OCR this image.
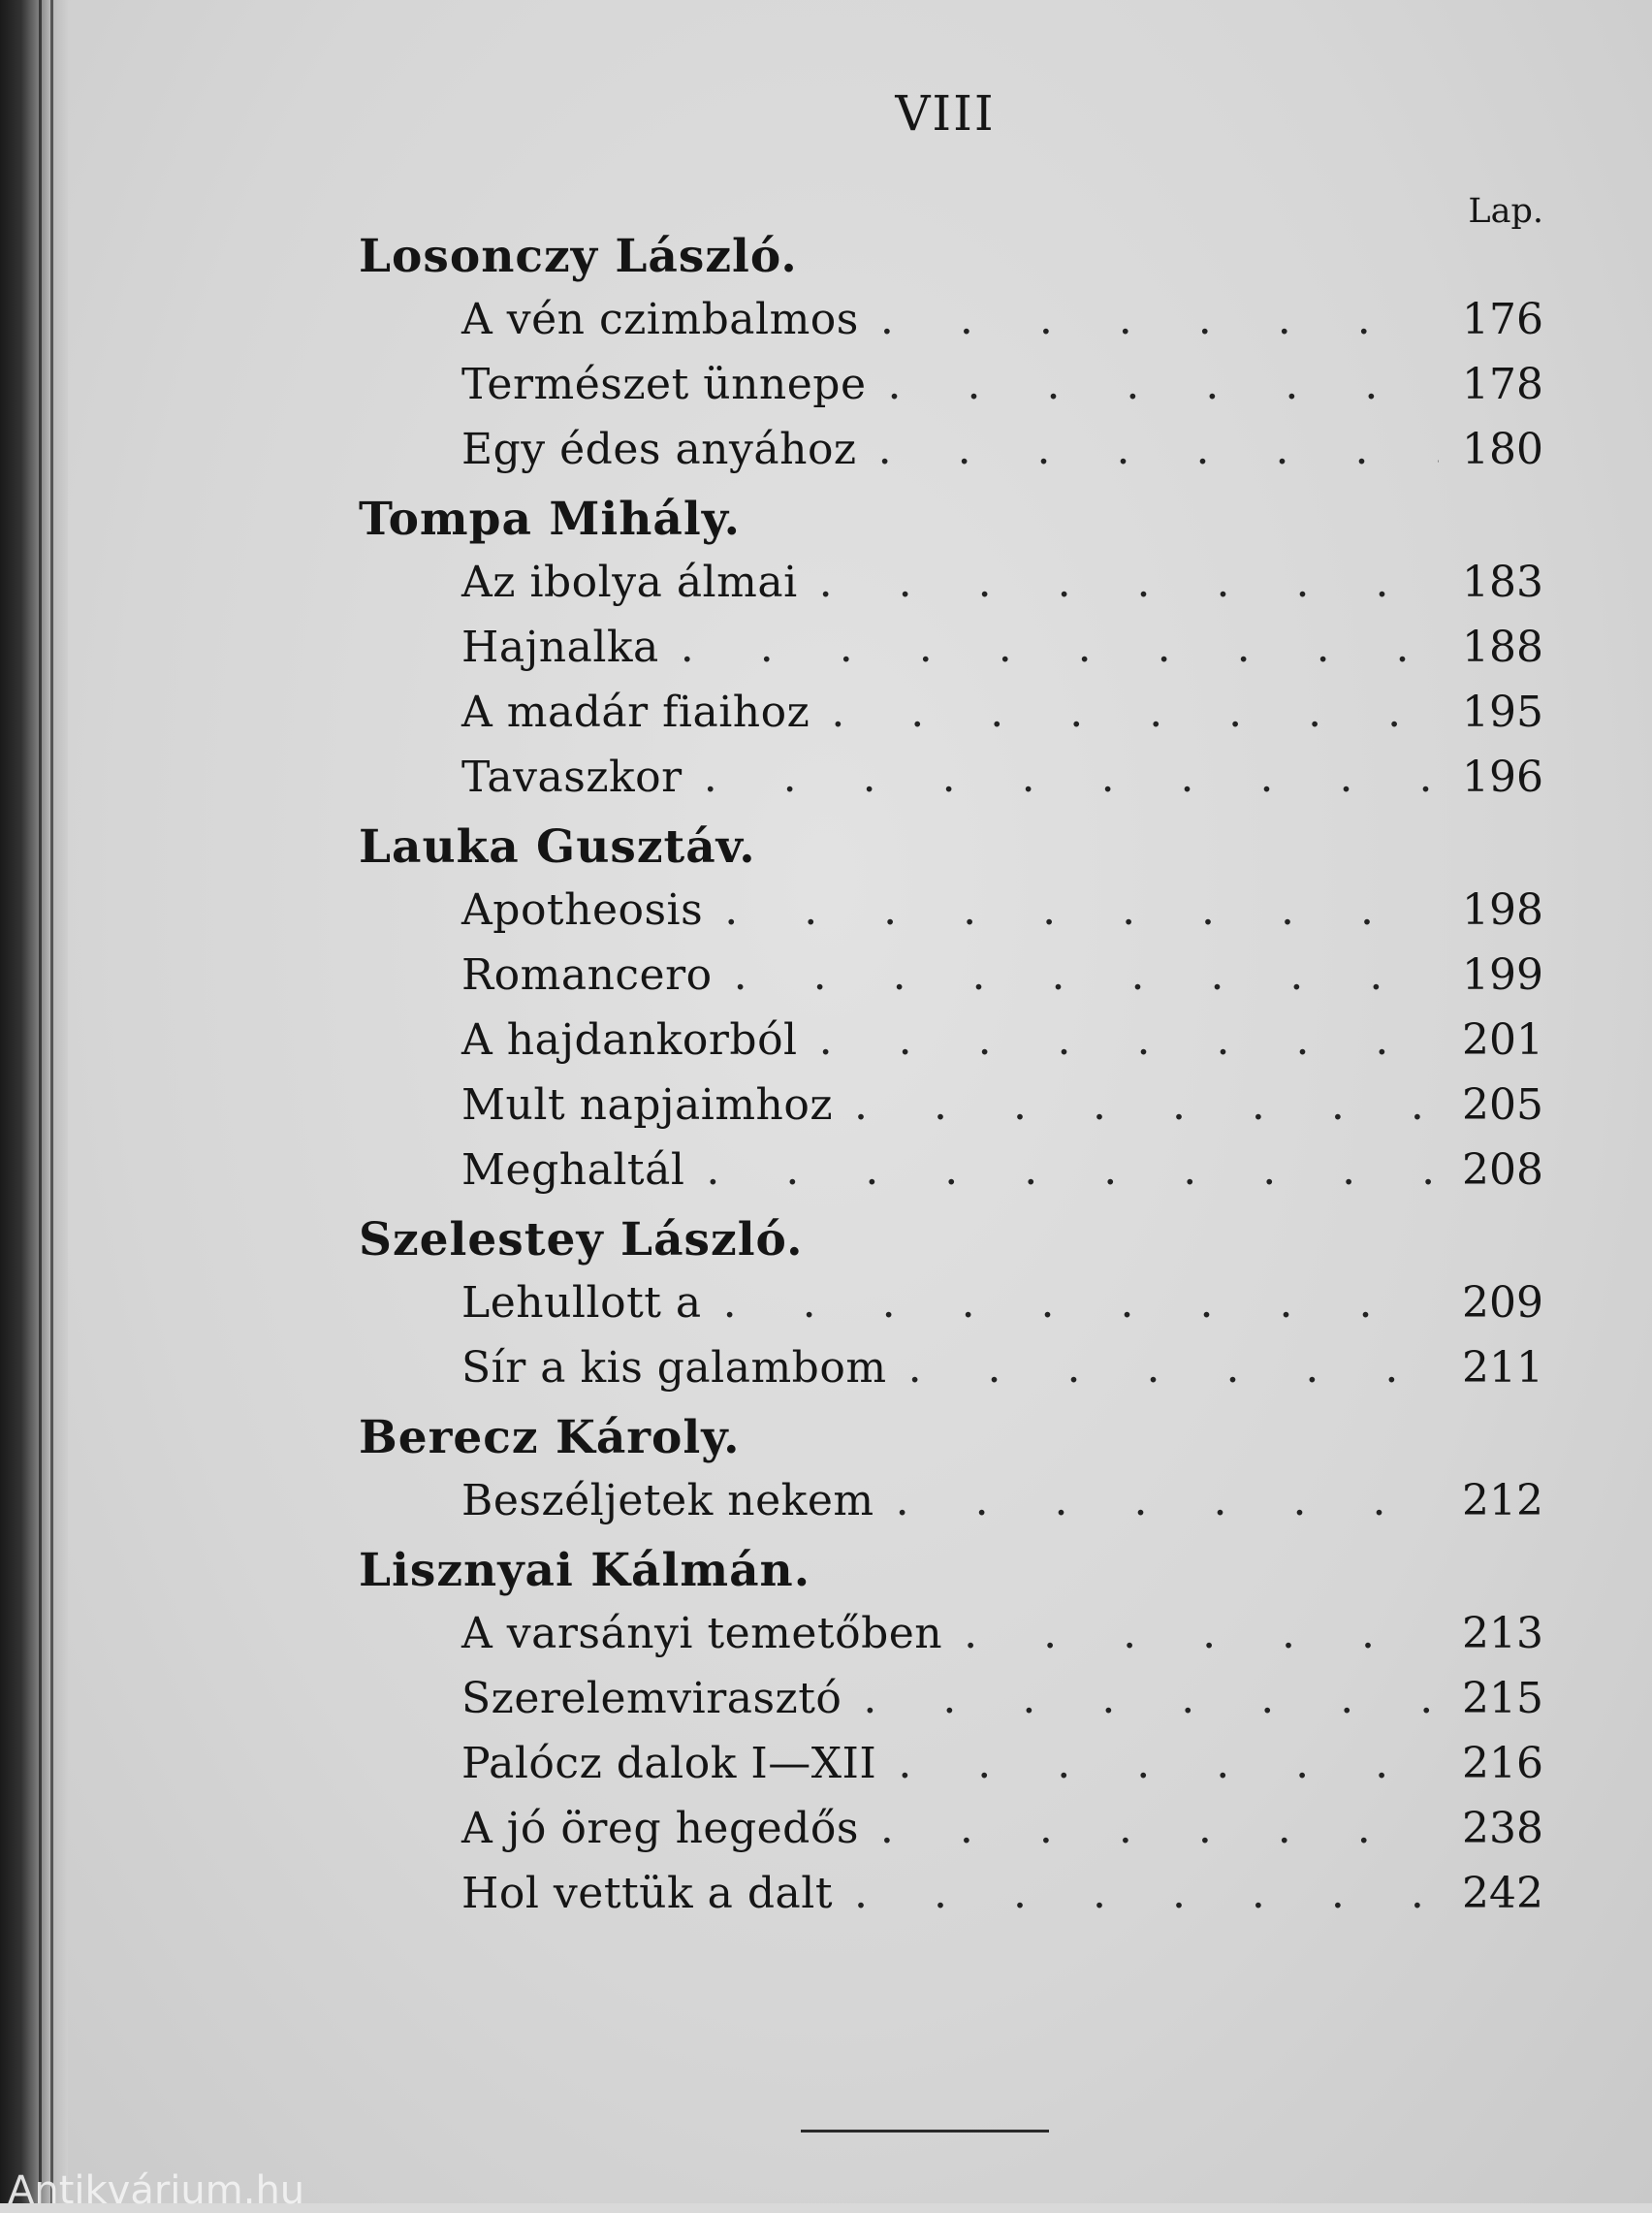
VIII
Lap.
Losonczy László.
A vén czimbalmos . . .	176
Természet ünnepe . . .	178
Egy édes anyához . . .	180
Tompa Mihály.
Az ibolya álmai . . .	183
Hajnalka . . .	188
A madár fiaihoz . . .	195
Tavaszkor . . .	196
Lauka Gusztáv.
Apotheosis . . .	198
Romancero . . .	199
A hajdankorból . . .	201
Mult napjaimhoz . . .	205
Meghaltál . . .	208
Szelestey László.
Lehullott a . . .	209
Sír a kis galambom . . .	211
Berecz Károly.
Beszéljetek nekem . . .	212
Lisznyai Kálmán.
A varsányi temetőben . . .	213
Szerelemvirasztó . . .	215
Palócz dalok I—XII . . .	216
A jó öreg hegedős . . .	238
Hol vettük a dalt . . .	242
Antikvárium.hu
